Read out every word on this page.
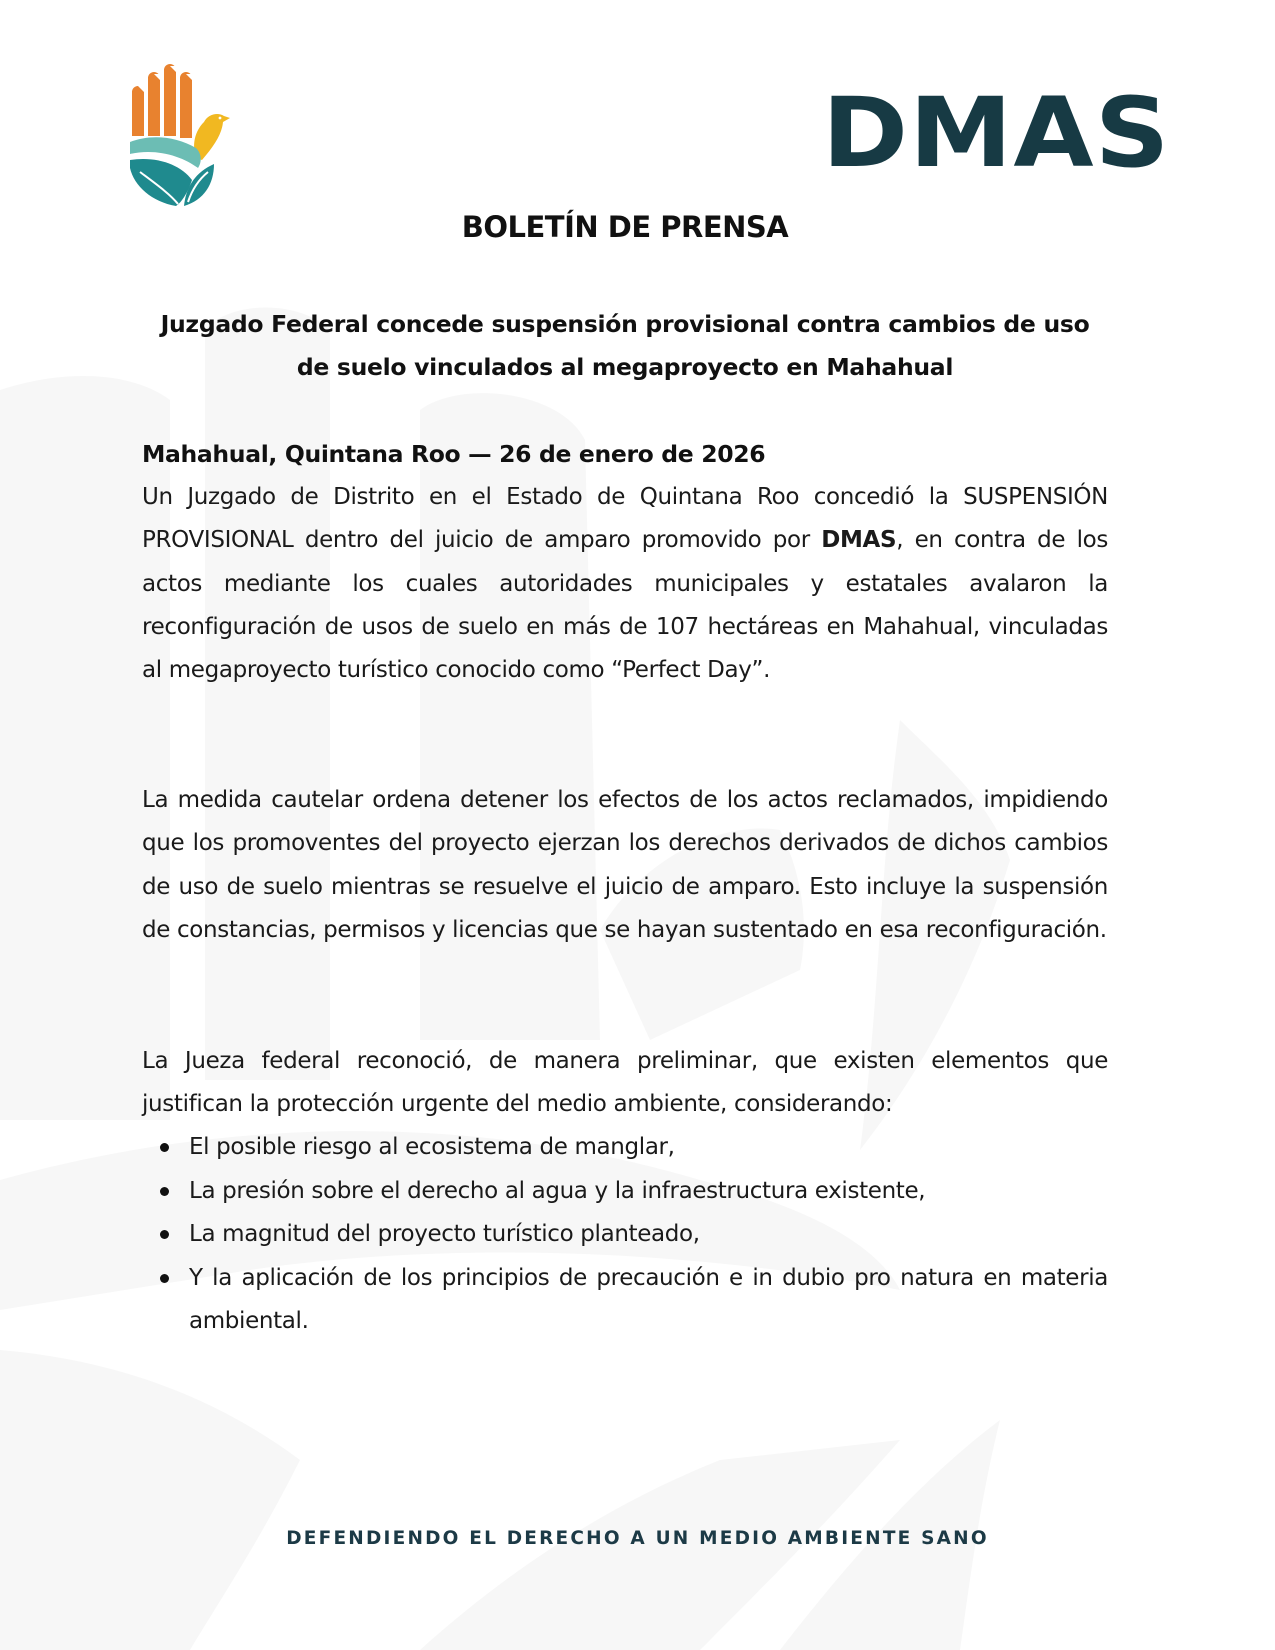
DMAS
BOLETÍN DE PRENSA
Juzgado Federal concede suspensión provisional contra cambios de uso de suelo vinculados al megaproyecto en Mahahual
Mahahual, Quintana Roo — 26 de enero de 2026
Un Juzgado de Distrito en el Estado de Quintana Roo concedió la SUSPENSIÓN PROVISIONAL dentro del juicio de amparo promovido por DMAS, en contra de los actos mediante los cuales autoridades municipales y estatales avalaron la reconfiguración de usos de suelo en más de 107 hectáreas en Mahahual, vinculadas al megaproyecto turístico conocido como “Perfect Day”.
La medida cautelar ordena detener los efectos de los actos reclamados, impidiendo que los promoventes del proyecto ejerzan los derechos derivados de dichos cambios de uso de suelo mientras se resuelve el juicio de amparo. Esto incluye la suspensión de constancias, permisos y licencias que se hayan sustentado en esa reconfiguración.
La Jueza federal reconoció, de manera preliminar, que existen elementos que justifican la protección urgente del medio ambiente, considerando:
El posible riesgo al ecosistema de manglar,
La presión sobre el derecho al agua y la infraestructura existente,
La magnitud del proyecto turístico planteado,
Y la aplicación de los principios de precaución e in dubio pro natura en materia ambiental.
DEFENDIENDO EL DERECHO A UN MEDIO AMBIENTE SANO
